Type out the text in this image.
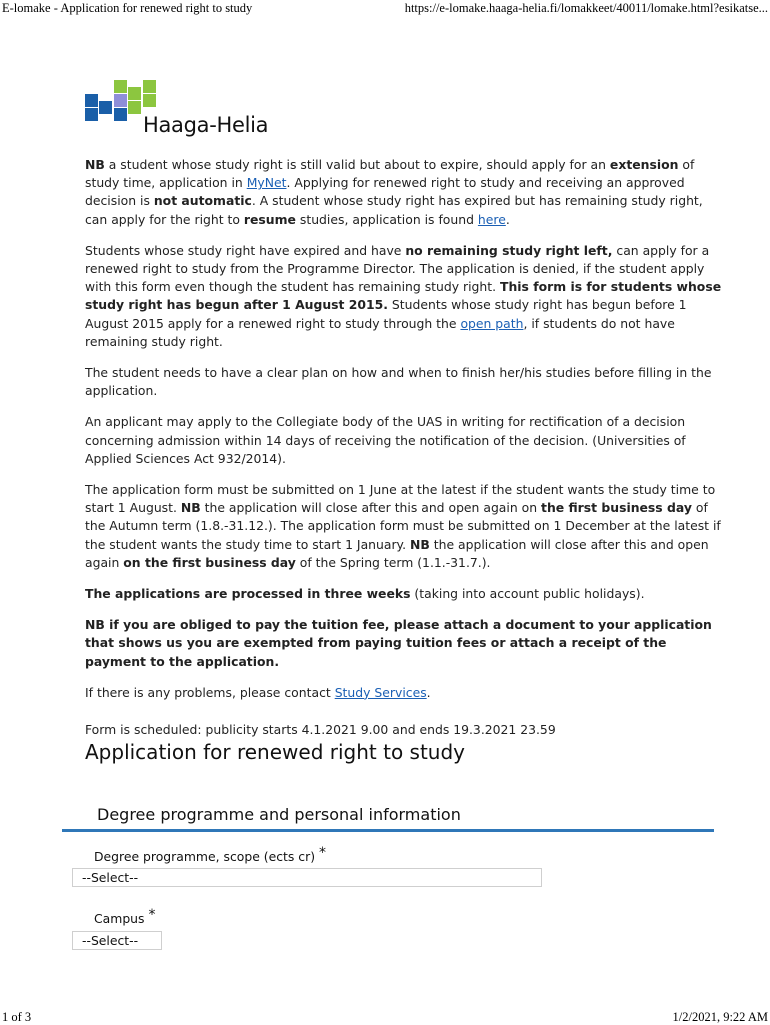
E-lomake - Application for renewed right to study	https://e-lomake.haaga-helia.fi/lomakkeet/40011/lomake.html?esikatse...
Haaga-Helia

NB a student whose study right is still valid but about to expire, should apply for an extension of study time, application in MyNet. Applying for renewed right to study and receiving an approved decision is not automatic. A student whose study right has expired but has remaining study right, can apply for the right to resume studies, application is found here.

Students whose study right have expired and have no remaining study right left, can apply for a renewed right to study from the Programme Director. The application is denied, if the student apply with this form even though the student has remaining study right. This form is for students whose study right has begun after 1 August 2015. Students whose study right has begun before 1 August 2015 apply for a renewed right to study through the open path, if students do not have remaining study right.

The student needs to have a clear plan on how and when to finish her/his studies before filling in the application.

An applicant may apply to the Collegiate body of the UAS in writing for rectification of a decision concerning admission within 14 days of receiving the notification of the decision. (Universities of Applied Sciences Act 932/2014).

The application form must be submitted on 1 June at the latest if the student wants the study time to start 1 August. NB the application will close after this and open again on the first business day of the Autumn term (1.8.-31.12.). The application form must be submitted on 1 December at the latest if the student wants the study time to start 1 January. NB the application will close after this and open again on the first business day of the Spring term (1.1.-31.7.).

The applications are processed in three weeks (taking into account public holidays).

NB if you are obliged to pay the tuition fee, please attach a document to your application that shows us you are exempted from paying tuition fees or attach a receipt of the payment to the application.

If there is any problems, please contact Study Services.

Form is scheduled: publicity starts 4.1.2021 9.00 and ends 19.3.2021 23.59
Application for renewed right to study
Degree programme and personal information
Degree programme, scope (ects cr) *
--Select--
Campus *
--Select--
1 of 3	1/2/2021, 9:22 AM
